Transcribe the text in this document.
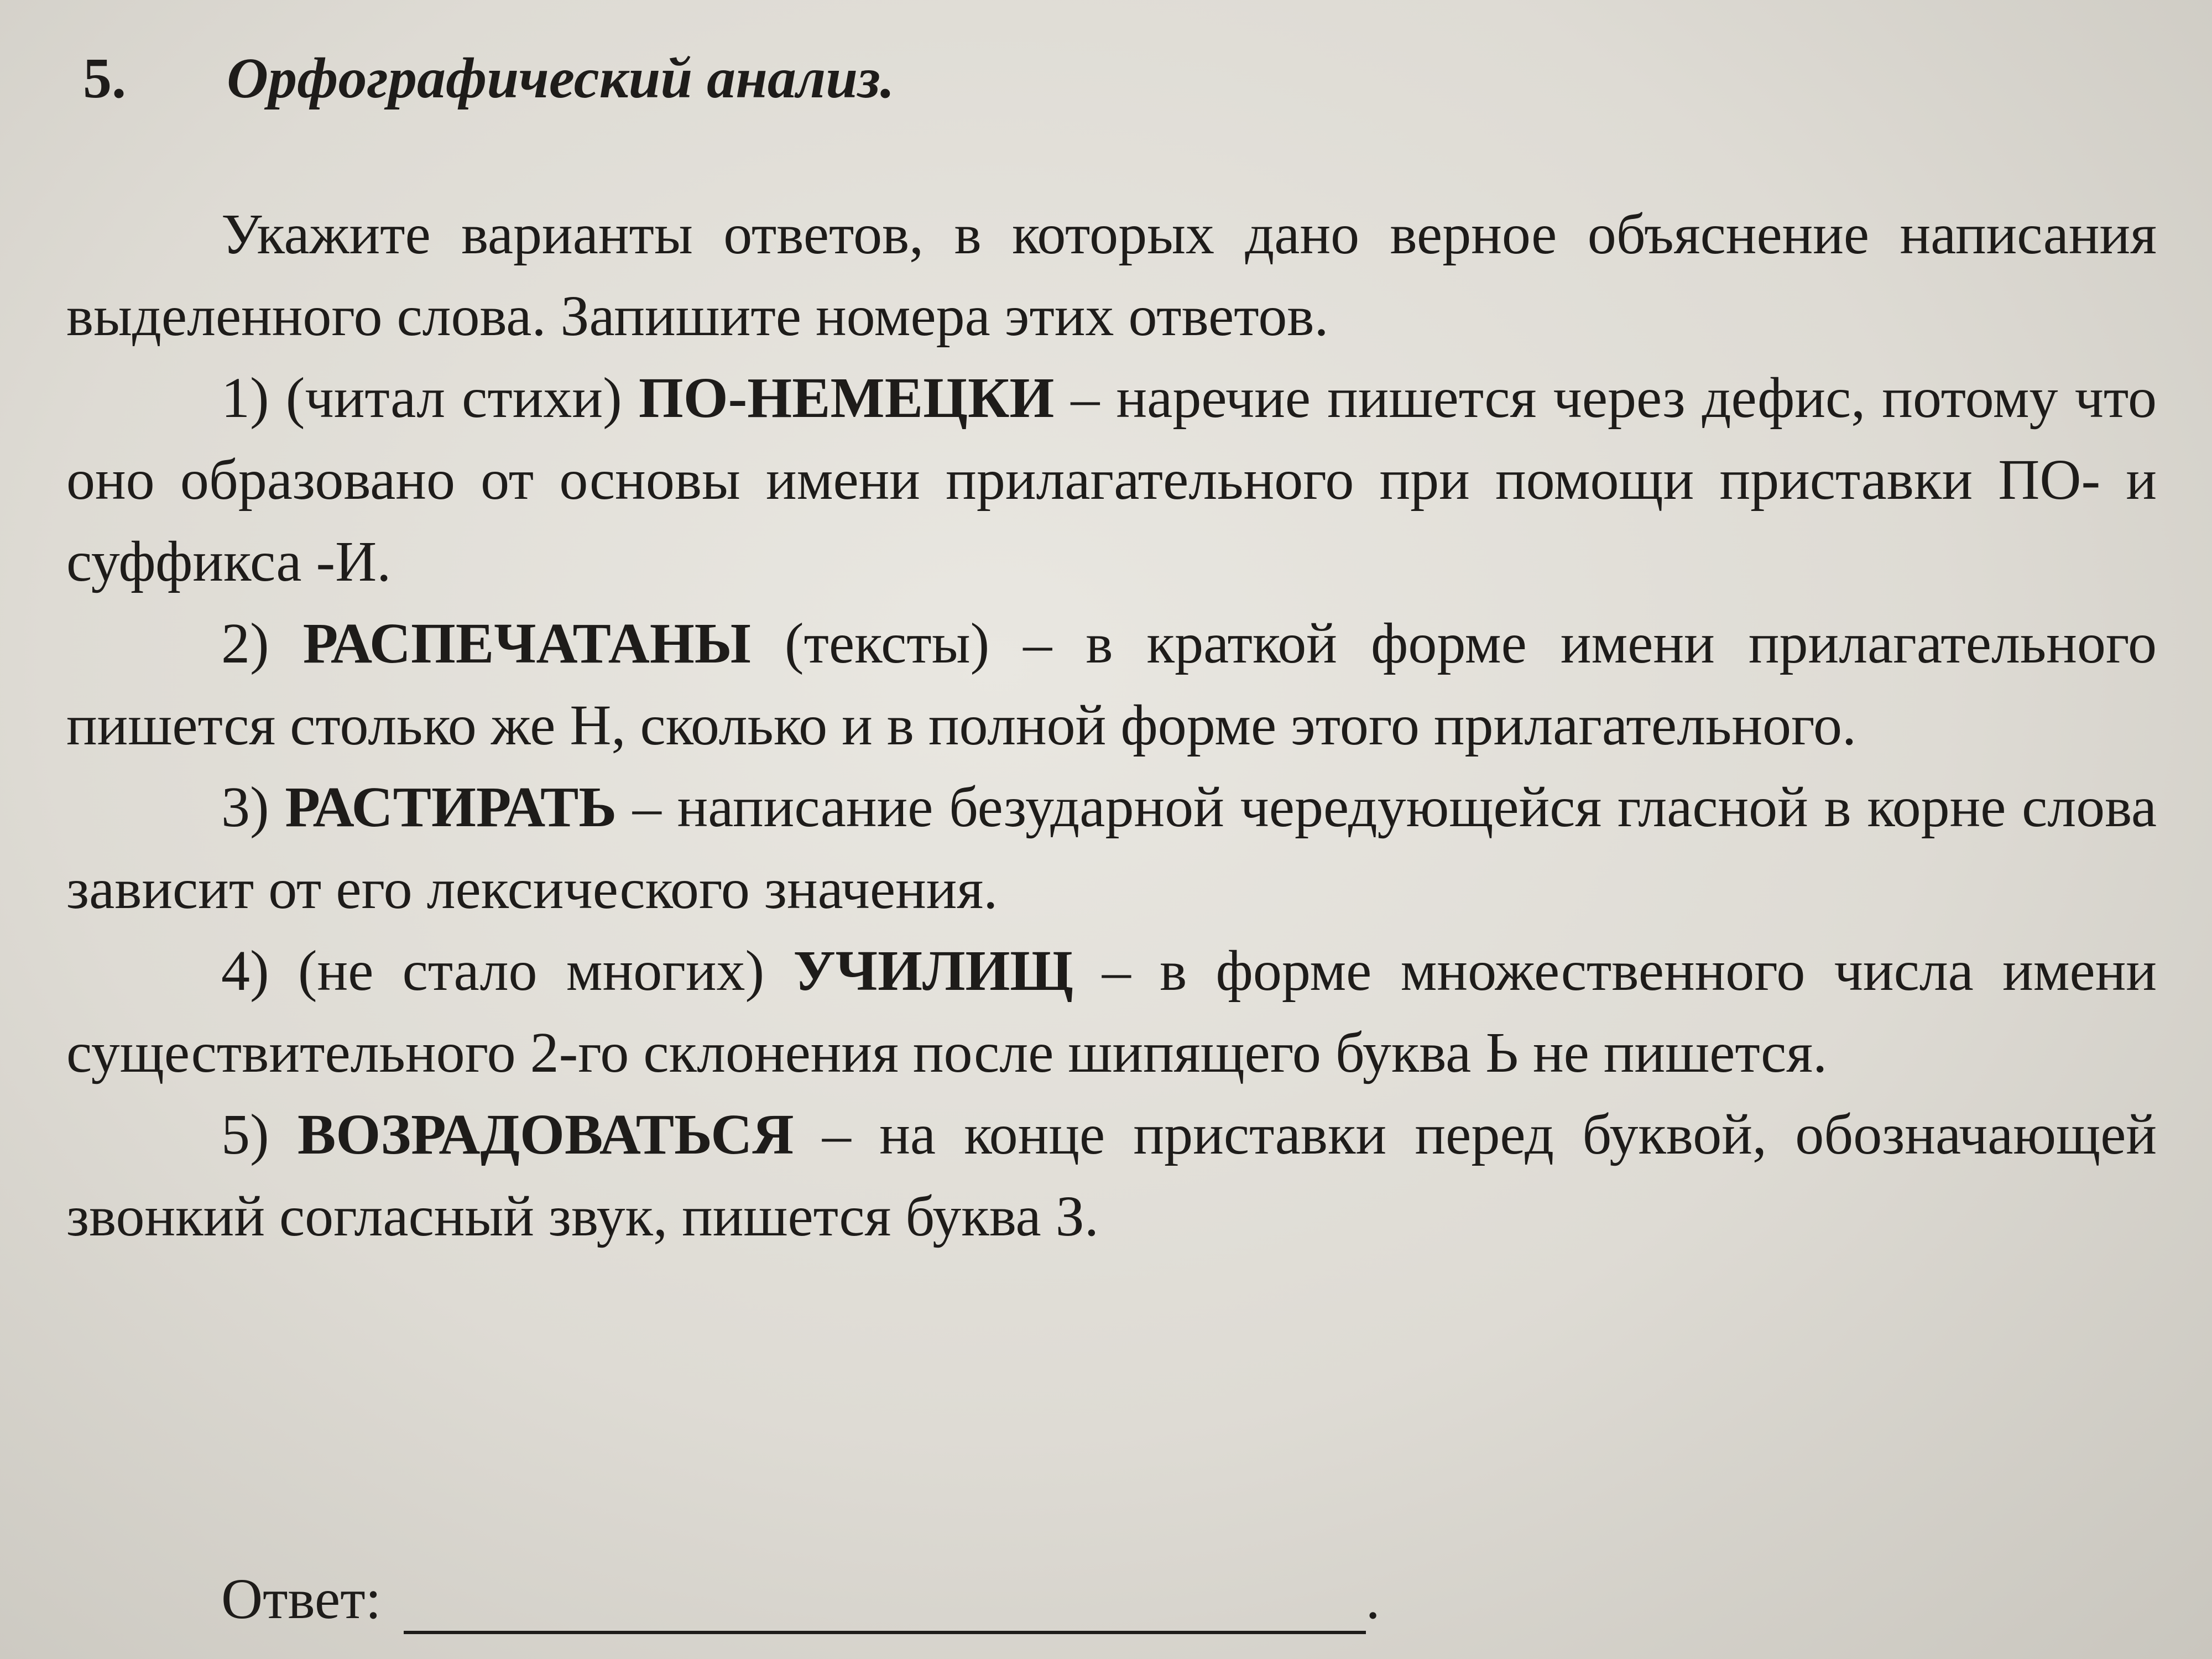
5. Орфографический анализ.

Укажите варианты ответов, в которых дано верное объяснение написания выделенного слова. Запишите номера этих ответов.

1) (читал стихи) ПО-НЕМЕЦКИ – наречие пишется через дефис, потому что оно образовано от основы имени прилагательного при помощи приставки ПО- и суффикса -И.

2) РАСПЕЧАТАНЫ (тексты) – в краткой форме имени прилагательного пишется столько же Н, сколько и в полной форме этого прилагательного.

3) РАСТИРАТЬ – написание безударной чередующейся гласной в корне слова зависит от его лексического значения.

4) (не стало многих) УЧИЛИЩ – в форме множественного числа имени существительного 2-го склонения после шипящего буква Ь не пишется.

5) ВОЗРАДОВАТЬСЯ – на конце приставки перед буквой, обозначающей звонкий согласный звук, пишется буква З.

Ответ:	.
